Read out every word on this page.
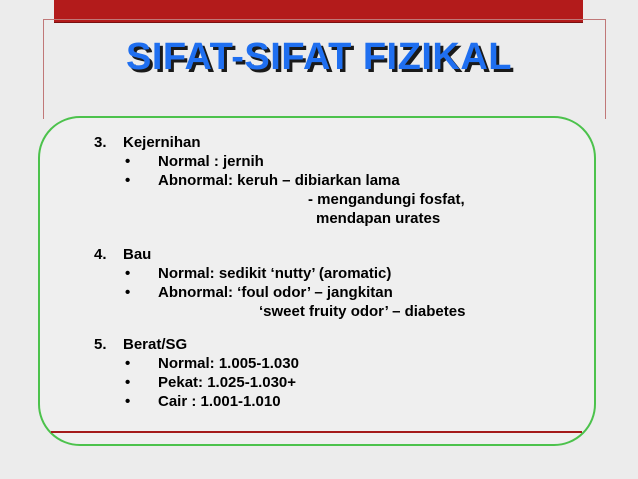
SIFAT-SIFAT FIZIKAL
3. Kejernihan
• Normal : jernih
• Abnormal: keruh – dibiarkan lama
- mengandungi fosfat,
mendapan urates
4. Bau
• Normal: sedikit ‘nutty’ (aromatic)
• Abnormal: ‘foul odor’ – jangkitan
‘sweet fruity odor’ – diabetes
5. Berat/SG
• Normal: 1.005-1.030
• Pekat: 1.025-1.030+
• Cair : 1.001-1.010
